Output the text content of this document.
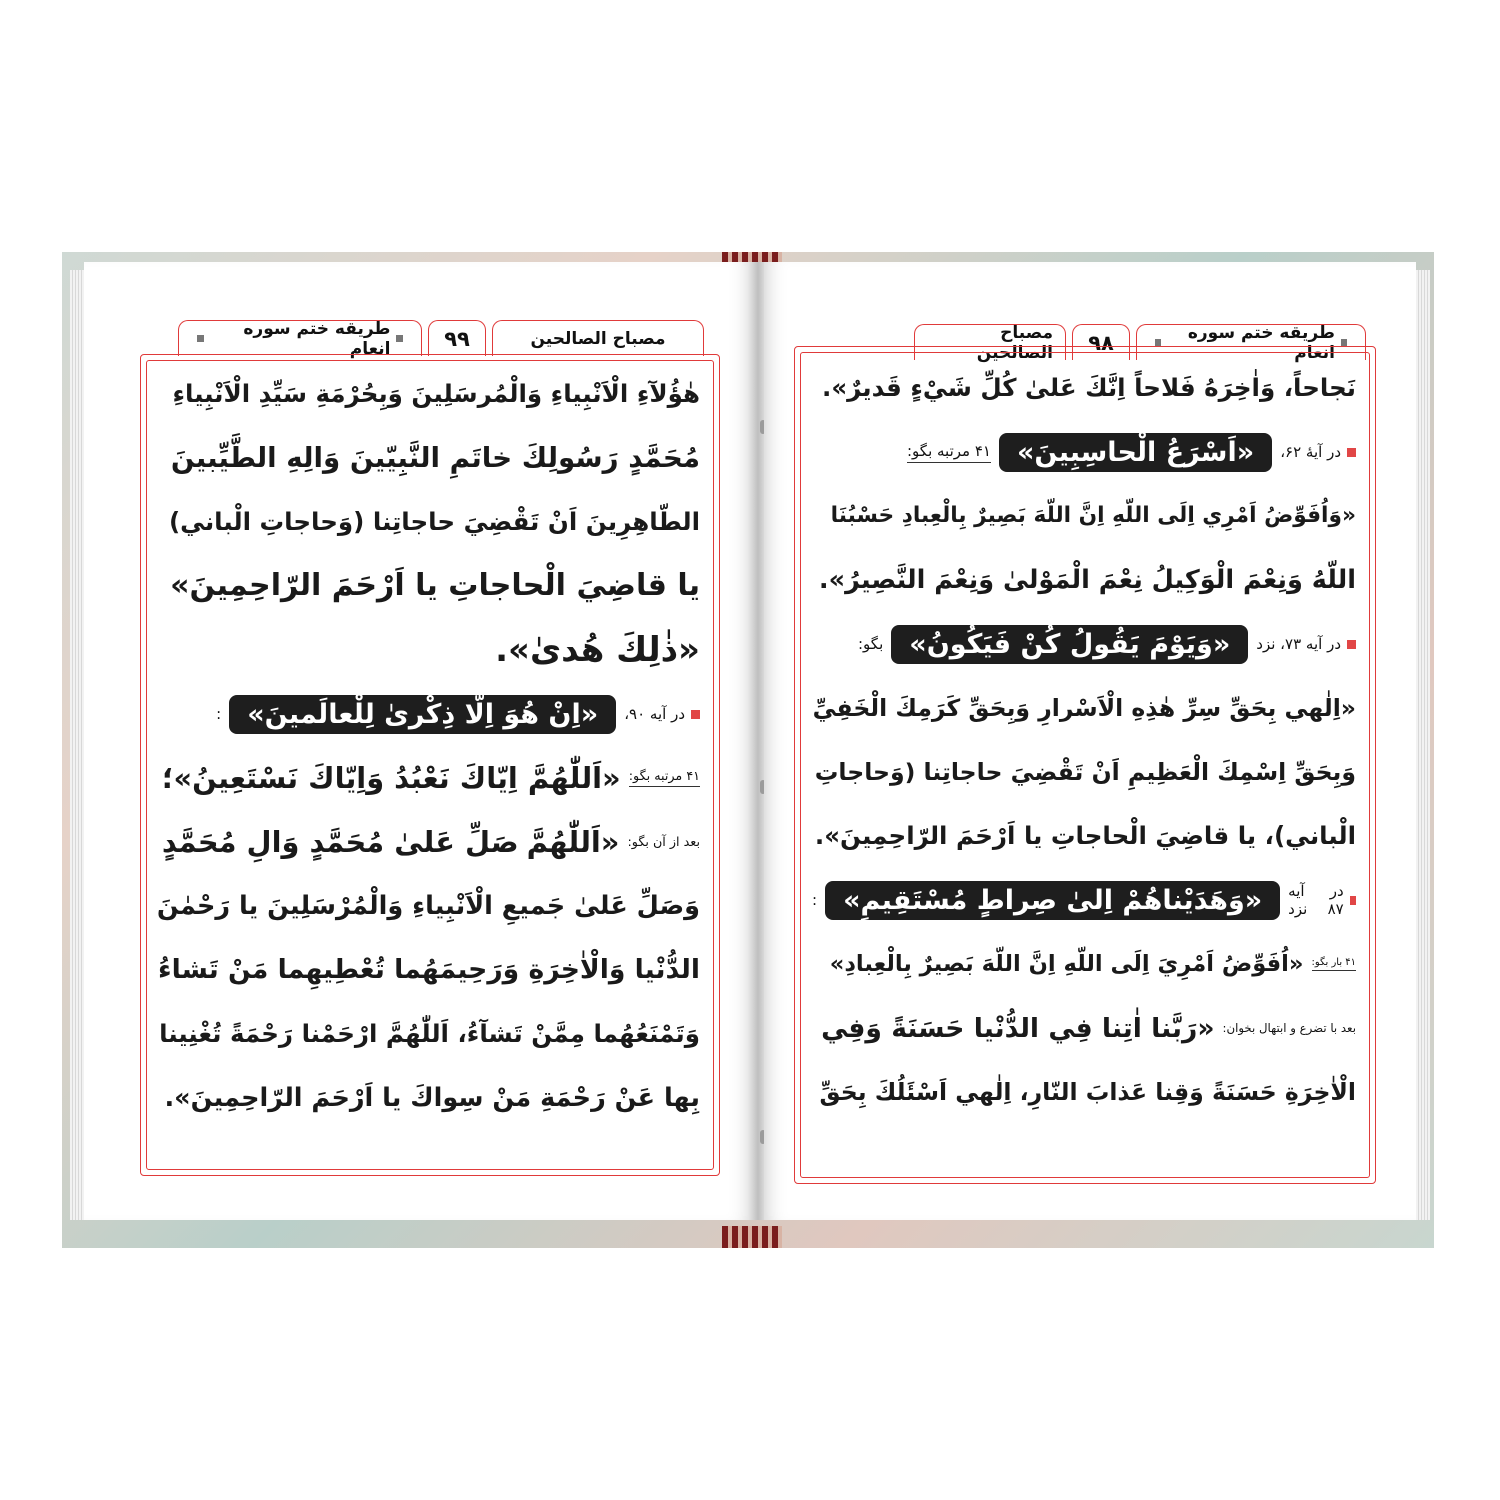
مصباح الصالحين
۹۹
طریقه ختم سوره انعام
هٰؤُلآءِ الْاَنْبِياءِ وَالْمُرسَلِينَ وَبِحُرْمَةِ سَيِّدِ الْاَنْبِياءِ
مُحَمَّدٍ رَسُولِكَ خاتَمِ النَّبِيّينَ وَالِهِ الطَّيِّبينَ
الطّاهِرِينَ اَنْ تَقْضِيَ حاجاتِنا (وَحاجاتِ الْباني)
يا قاضِيَ الْحاجاتِ يا اَرْحَمَ الرّاحِمِينَ»
«ذٰلِكَ هُدىٰ».
در آیه ۹۰،
«اِنْ هُوَ اِلّا ذِكْرىٰ لِلْعالَمينَ»
:
۴۱ مرتبه بگو:
«اَللّٰهُمَّ اِيّاكَ نَعْبُدُ وَاِيّاكَ نَسْتَعِينُ»؛
بعد از آن بگو:
«اَللّٰهُمَّ
صَلِّ عَلىٰ مُحَمَّدٍ وَالِ مُحَمَّدٍ
وَصَلِّ عَلىٰ جَميعِ الْاَنْبِياءِ وَالْمُرْسَلِينَ يا رَحْمٰنَ
الدُّنْيا وَالْاٰخِرَةِ وَرَحِيمَهُما تُعْطِيهِما مَنْ تَشاءُ
وَتَمْنَعُهُما مِمَّنْ تَشآءُ، اَللّٰهُمَّ ارْحَمْنا رَحْمَةً تُغْنِينا
بِها عَنْ رَحْمَةِ مَنْ سِواكَ يا اَرْحَمَ الرّاحِمِينَ».
طریقه ختم سوره انعام
۹۸
مصباح الصالحين
نَجاحاً، وَاٰخِرَهُ فَلاحاً اِنَّكَ عَلىٰ كُلِّ شَيْءٍ قَديرٌ».
در آیهٔ ۶۲،
«اَسْرَعُ الْحاسِبِينَ»
۴۱ مرتبه بگو:
«وَاُفَوِّضُ اَمْرِي اِلَى اللّهِ اِنَّ اللّهَ بَصِيرٌ بِالْعِبادِ حَسْبُنَا
اللّهُ وَنِعْمَ الْوَكِيلُ نِعْمَ الْمَوْلىٰ وَنِعْمَ النَّصِيرُ».
در آیه ۷۳، نزد
«وَيَوْمَ يَقُولُ كُنْ فَيَكُونُ»
بگو:
«اِلٰهي بِحَقِّ سِرِّ هٰذِهِ الْاَسْرارِ وَبِحَقِّ كَرَمِكَ الْخَفِيِّ
وَبِحَقِّ اِسْمِكَ الْعَظِيمِ اَنْ تَقْضِيَ حاجاتِنا (وَحاجاتِ
الْباني)، يا قاضِيَ الْحاجاتِ يا اَرْحَمَ الرّاحِمِينَ».
در آیه ۸۷ نزد
«وَهَدَيْناهُمْ اِلىٰ صِراطٍ مُسْتَقِيمٍ»
:
۴۱ بار بگو:
«اُفَوِّضُ اَمْرِيَ اِلَى اللّهِ اِنَّ اللّهَ بَصِيرٌ بِالْعِبادِ»
بعد با تضرع و ابتهال بخوان:
«رَبَّنا اٰتِنا فِي الدُّنْيا حَسَنَةً وَفِي
الْاٰخِرَةِ حَسَنَةً وَقِنا عَذابَ النّارِ، اِلٰهي اَسْئَلُكَ بِحَقِّ
